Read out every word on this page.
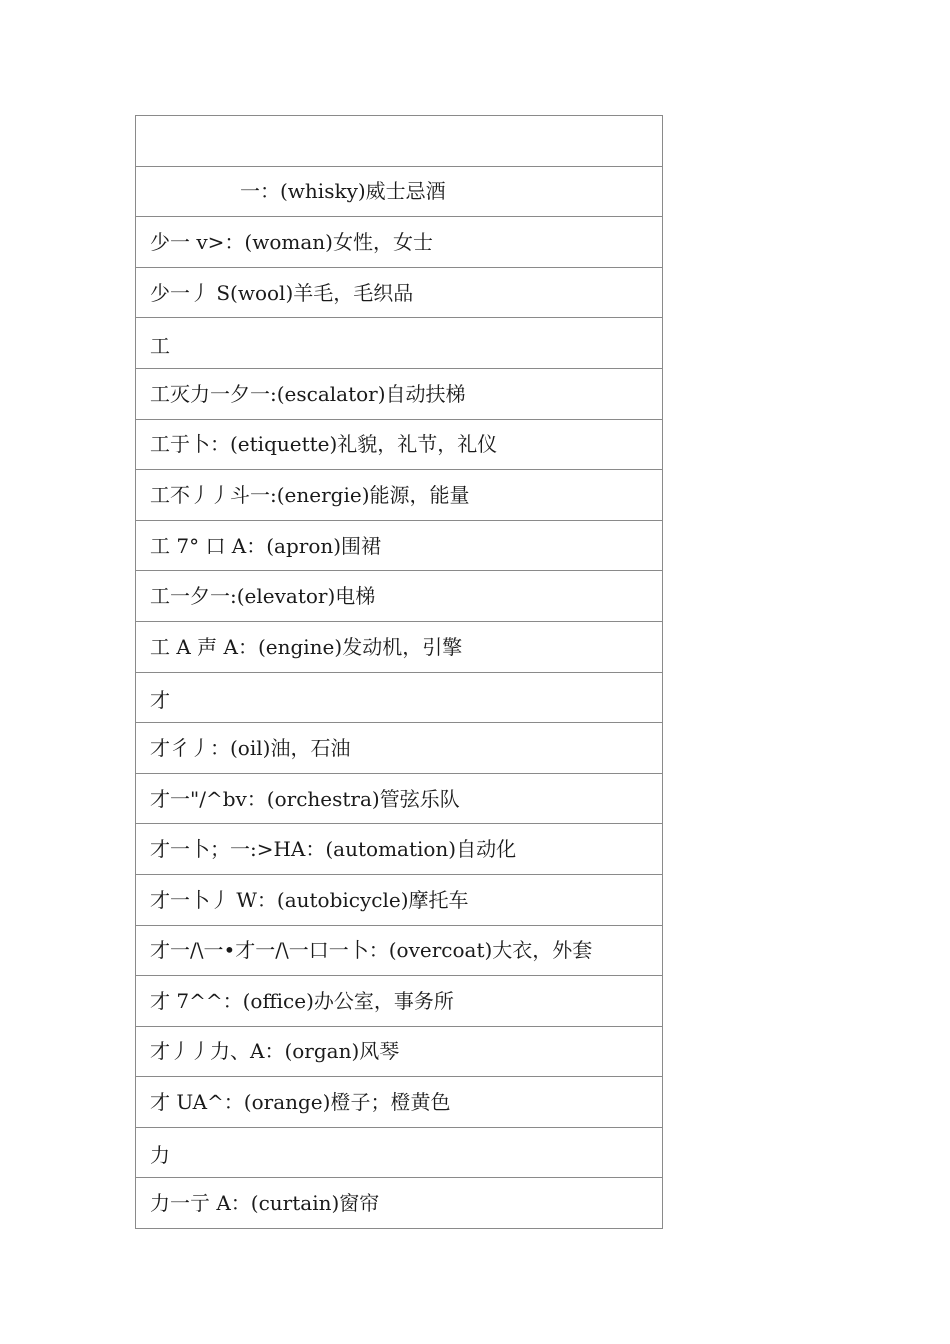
一：(whisky)威士忌酒
少一 v>：(woman)女性，女士
少一丿 S(wool)羊毛，毛织品
工
工灭力一夕一:(escalator)自动扶梯
工于卜：(etiquette)礼貌，礼节，礼仪
工不丿丿斗一:(energie)能源，能量
工 7° 口 A：(apron)围裙
工一夕一:(elevator)电梯
工 A 声 A：(engine)发动机，引擎
才
才彳丿：(oil)油，石油
才一"/^bv：(orchestra)管弦乐队
才一卜；一:>HA：(automation)自动化
才一卜丿 W：(autobicycle)摩托车
才一/\一•才一/\一口一卜：(overcoat)大衣，外套
才 7^^：(office)办公室，事务所
才丿丿力、A：(organ)风琴
才 UA^：(orange)橙子；橙黄色
力
力一亍 A：(curtain)窗帘
